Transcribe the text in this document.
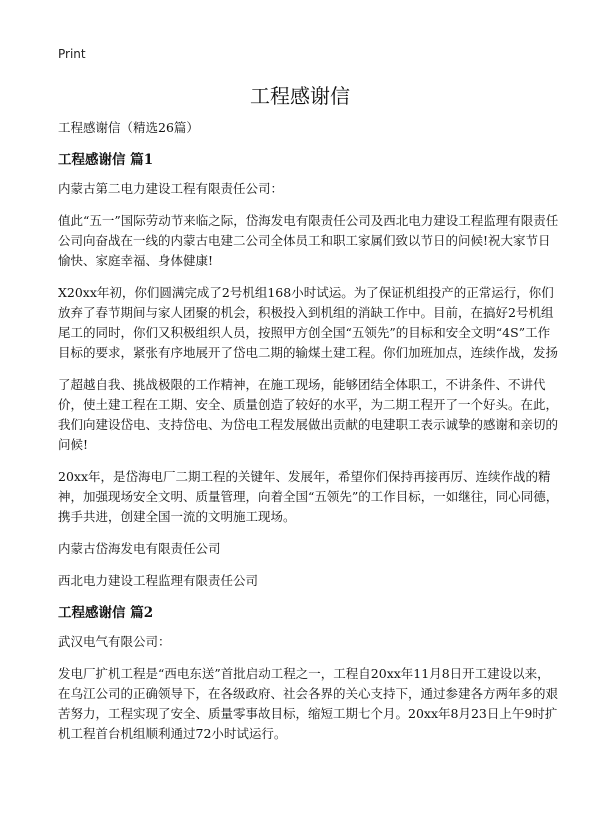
Print
工程感谢信

工程感谢信（精选26篇）

工程感谢信 篇1

内蒙古第二电力建设工程有限责任公司：

值此“五一”国际劳动节来临之际，岱海发电有限责任公司及西北电力建设工程监理有限责任公司向奋战在一线的内蒙古电建二公司全体员工和职工家属们致以节日的问候!祝大家节日愉快、家庭幸福、身体健康!

X20xx年初，你们圆满完成了2号机组168小时试运。为了保证机组投产的正常运行，你们放弃了春节期间与家人团聚的机会，积极投入到机组的消缺工作中。目前，在搞好2号机组尾工的同时，你们又积极组织人员，按照甲方创全国“五领先”的目标和安全文明“4S”工作目标的要求，紧张有序地展开了岱电二期的输煤土建工程。你们加班加点，连续作战，发扬

了超越自我、挑战极限的工作精神，在施工现场，能够团结全体职工，不讲条件、不讲代价，使土建工程在工期、安全、质量创造了较好的水平，为二期工程开了一个好头。在此，我们向建设岱电、支持岱电、为岱电工程发展做出贡献的电建职工表示诚挚的感谢和亲切的问候!

20xx年，是岱海电厂二期工程的关键年、发展年，希望你们保持再接再厉、连续作战的精神，加强现场安全文明、质量管理，向着全国“五领先”的工作目标，一如继往，同心同德，携手共进，创建全国一流的文明施工现场。

内蒙古岱海发电有限责任公司

西北电力建设工程监理有限责任公司

工程感谢信 篇2

武汉电气有限公司：

发电厂扩机工程是“西电东送”首批启动工程之一，工程自20xx年11月8日开工建设以来，在乌江公司的正确领导下，在各级政府、社会各界的关心支持下，通过参建各方两年多的艰苦努力，工程实现了安全、质量零事故目标，缩短工期七个月。20xx年8月23日上午9时扩机工程首台机组顺利通过72小时试运行。
